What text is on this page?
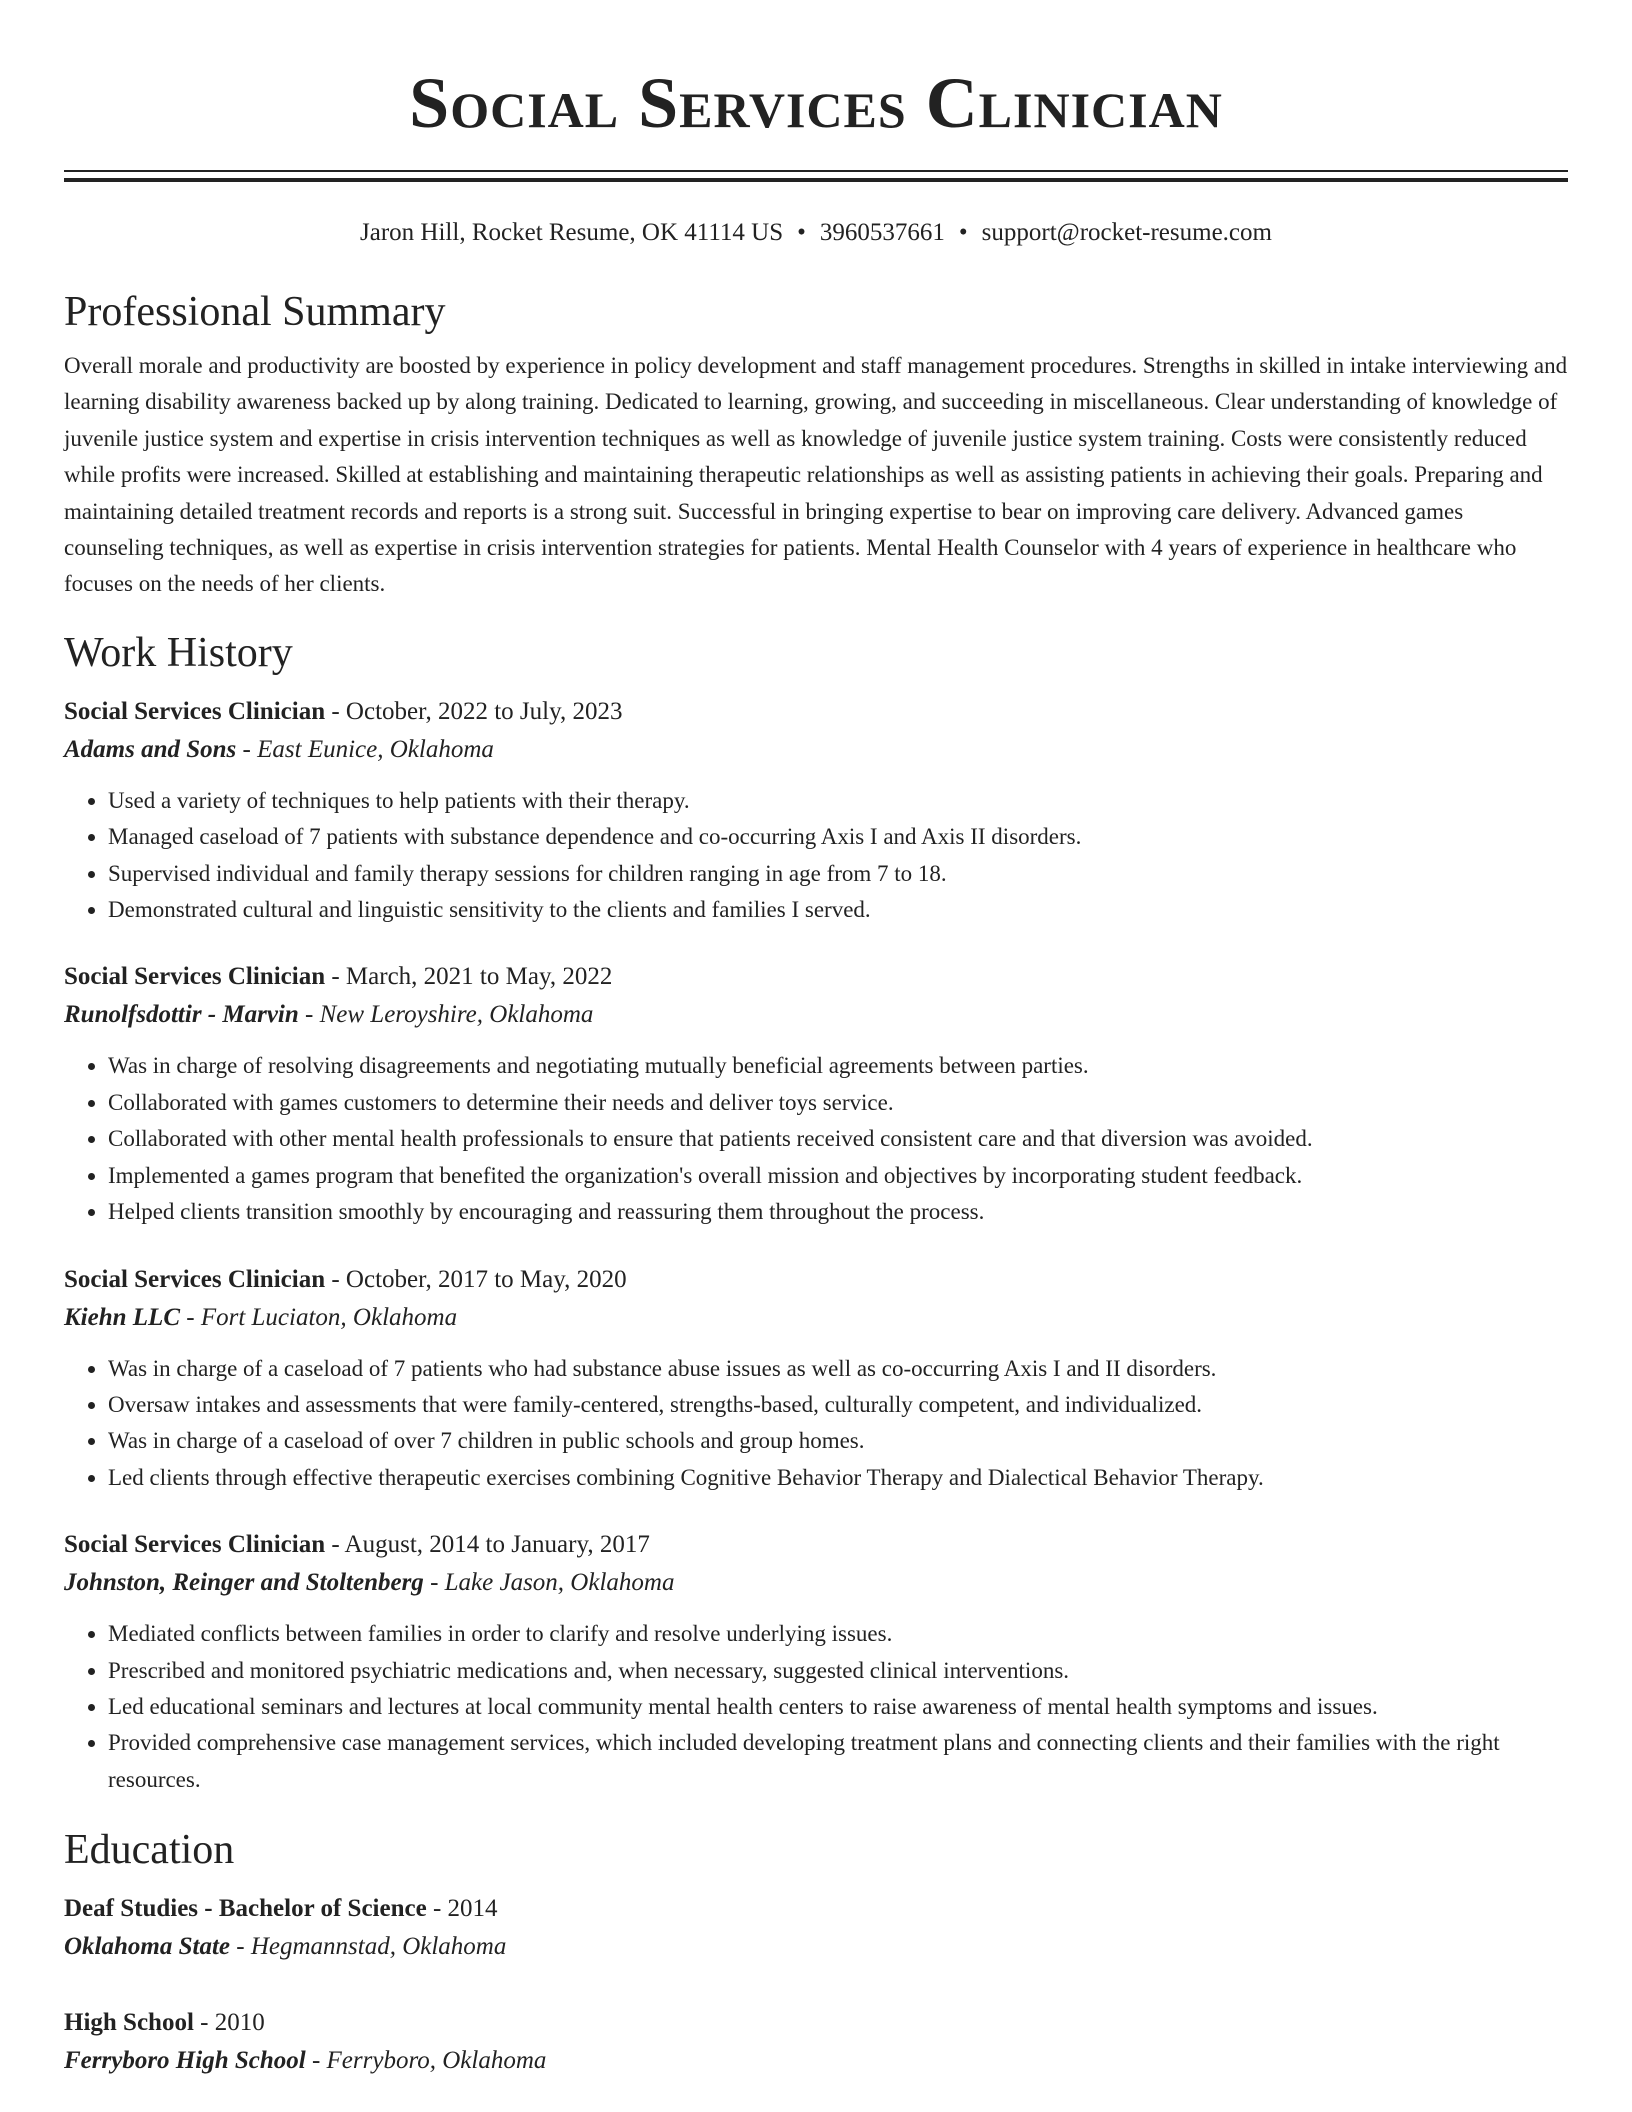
Social Services Clinician
Jaron Hill, Rocket Resume, OK 41114 US • 3960537661 • support@rocket-resume.com
Professional Summary

Overall morale and productivity are boosted by experience in policy development and staff management procedures. Strengths in skilled in intake interviewing and learning disability awareness backed up by along training. Dedicated to learning, growing, and succeeding in miscellaneous. Clear understanding of knowledge of juvenile justice system and expertise in crisis intervention techniques as well as knowledge of juvenile justice system training. Costs were consistently reduced while profits were increased. Skilled at establishing and maintaining therapeutic relationships as well as assisting patients in achieving their goals. Preparing and maintaining detailed treatment records and reports is a strong suit. Successful in bringing expertise to bear on improving care delivery. Advanced games counseling techniques, as well as expertise in crisis intervention strategies for patients. Mental Health Counselor with 4 years of experience in healthcare who focuses on the needs of her clients.

Work History
Social Services Clinician - October, 2022 to July, 2023
Adams and Sons - East Eunice, Oklahoma
• Used a variety of techniques to help patients with their therapy.
• Managed caseload of 7 patients with substance dependence and co-occurring Axis I and Axis II disorders.
• Supervised individual and family therapy sessions for children ranging in age from 7 to 18.
• Demonstrated cultural and linguistic sensitivity to the clients and families I served.
Social Services Clinician - March, 2021 to May, 2022
Runolfsdottir - Marvin - New Leroyshire, Oklahoma
• Was in charge of resolving disagreements and negotiating mutually beneficial agreements between parties.
• Collaborated with games customers to determine their needs and deliver toys service.
• Collaborated with other mental health professionals to ensure that patients received consistent care and that diversion was avoided.
• Implemented a games program that benefited the organization's overall mission and objectives by incorporating student feedback.
• Helped clients transition smoothly by encouraging and reassuring them throughout the process.
Social Services Clinician - October, 2017 to May, 2020
Kiehn LLC - Fort Luciaton, Oklahoma
• Was in charge of a caseload of 7 patients who had substance abuse issues as well as co-occurring Axis I and II disorders.
• Oversaw intakes and assessments that were family-centered, strengths-based, culturally competent, and individualized.
• Was in charge of a caseload of over 7 children in public schools and group homes.
• Led clients through effective therapeutic exercises combining Cognitive Behavior Therapy and Dialectical Behavior Therapy.
Social Services Clinician - August, 2014 to January, 2017
Johnston, Reinger and Stoltenberg - Lake Jason, Oklahoma
• Mediated conflicts between families in order to clarify and resolve underlying issues.
• Prescribed and monitored psychiatric medications and, when necessary, suggested clinical interventions.
• Led educational seminars and lectures at local community mental health centers to raise awareness of mental health symptoms and issues.
• Provided comprehensive case management services, which included developing treatment plans and connecting clients and their families with the right resources.
Education
Deaf Studies - Bachelor of Science - 2014
Oklahoma State - Hegmannstad, Oklahoma
High School - 2010
Ferryboro High School - Ferryboro, Oklahoma
